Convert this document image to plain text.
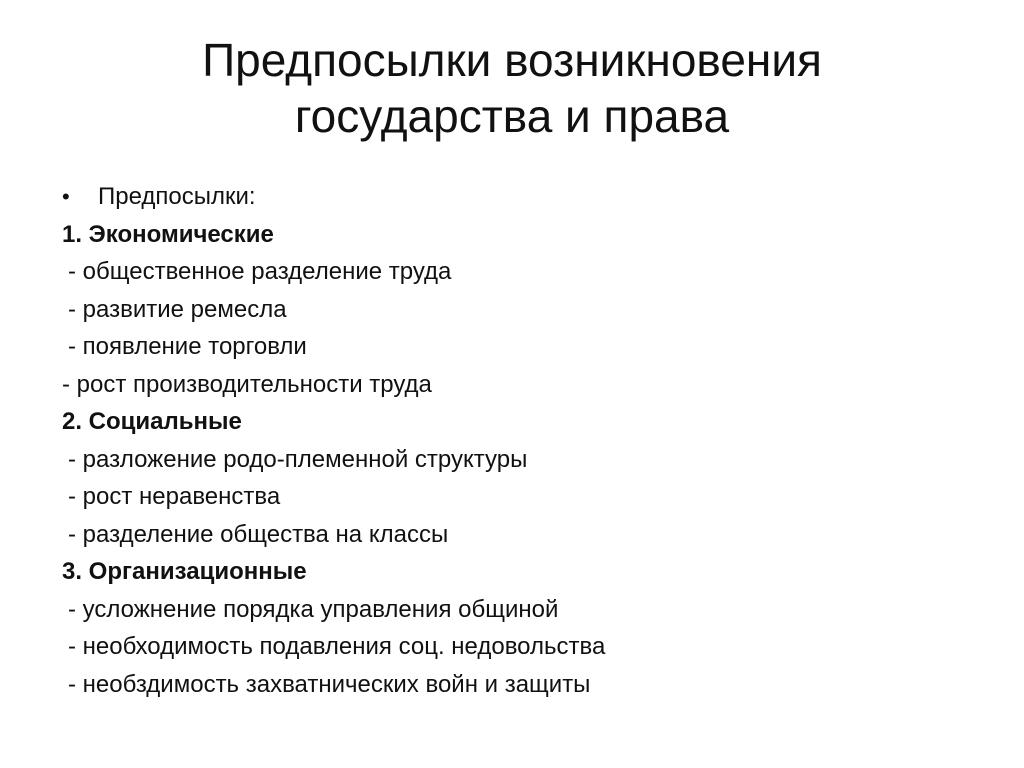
Предпосылки возникновения
государства и права
•	Предпосылки:
1. Экономические
- общественное разделение труда
- развитие ремесла
- появление торговли
- рост производительности труда
2. Социальные
- разложение родо-племенной структуры
- рост неравенства
- разделение общества на классы
3. Организационные
- усложнение порядка управления общиной
- необходимость подавления соц. недовольства
- необздимость захватнических войн и защиты
